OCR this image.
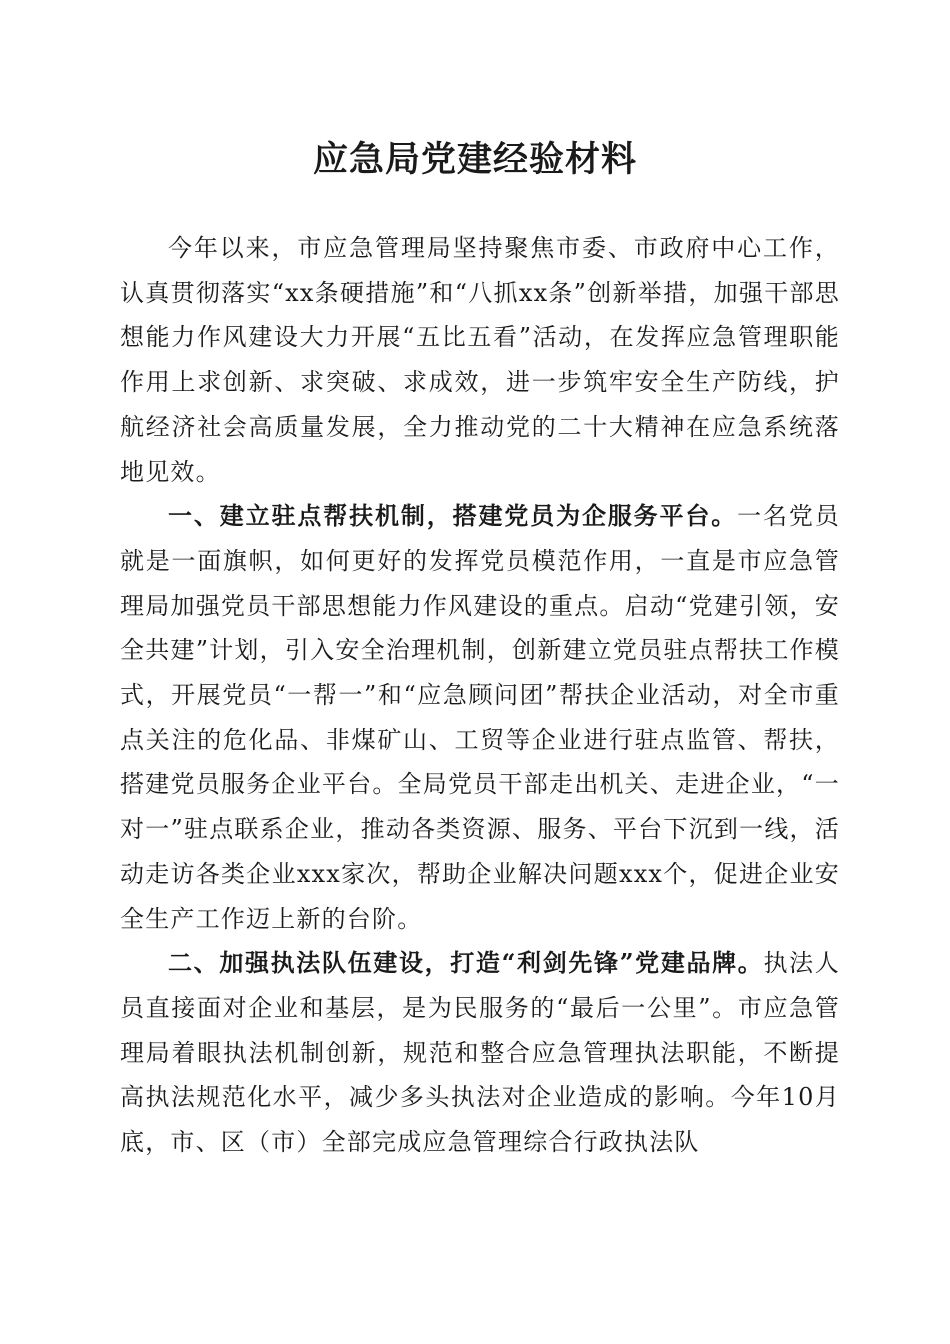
应急局党建经验材料

今年以来，市应急管理局坚持聚焦市委、市政府中心工作，认真贯彻落实“xx条硬措施”和“八抓xx条”创新举措，加强干部思想能力作风建设大力开展“五比五看”活动，在发挥应急管理职能作用上求创新、求突破、求成效，进一步筑牢安全生产防线，护航经济社会高质量发展，全力推动党的二十大精神在应急系统落地见效。

一、建立驻点帮扶机制，搭建党员为企服务平台。一名党员就是一面旗帜，如何更好的发挥党员模范作用，一直是市应急管理局加强党员干部思想能力作风建设的重点。启动“党建引领，安全共建”计划，引入安全治理机制，创新建立党员驻点帮扶工作模式，开展党员“一帮一”和“应急顾问团”帮扶企业活动，对全市重点关注的危化品、非煤矿山、工贸等企业进行驻点监管、帮扶，搭建党员服务企业平台。全局党员干部走出机关、走进企业，“一对一”驻点联系企业，推动各类资源、服务、平台下沉到一线，活动走访各类企业xxx家次，帮助企业解决问题xxx个，促进企业安全生产工作迈上新的台阶。

二、加强执法队伍建设，打造“利剑先锋”党建品牌。执法人员直接面对企业和基层，是为民服务的“最后一公里”。市应急管理局着眼执法机制创新，规范和整合应急管理执法职能，不断提高执法规范化水平，减少多头执法对企业造成的影响。今年10月底，市、区（市）全部完成应急管理综合行政执法队
